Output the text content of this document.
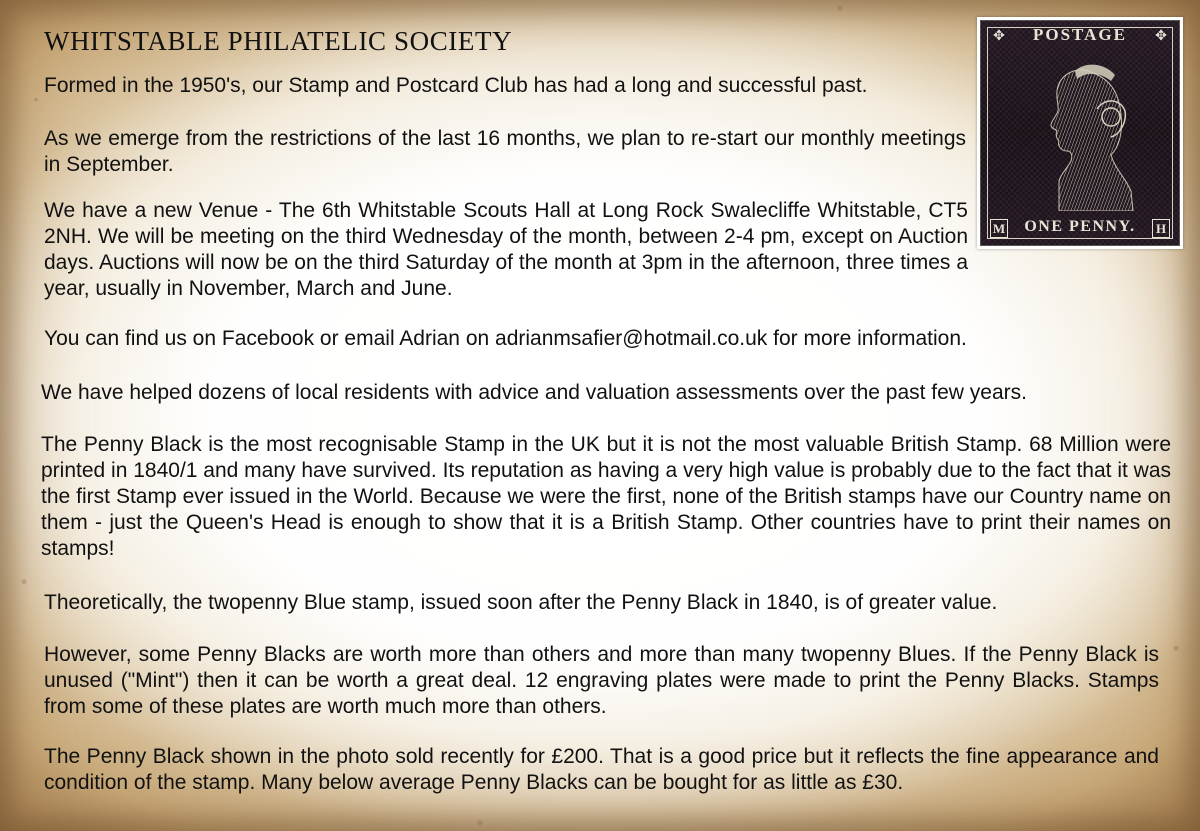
WHITSTABLE PHILATELIC SOCIETY

Formed in the 1950's, our Stamp and Postcard Club has had a long and successful past.

As we emerge from the restrictions of the last 16 months, we plan to re-start our monthly meetings in September.

We have a new Venue - The 6th Whitstable Scouts Hall at Long Rock Swalecliffe Whitstable, CT5 2NH. We will be meeting on the third Wednesday of the month, between 2-4 pm, except on Auction days. Auctions will now be on the third Saturday of the month at 3pm in the afternoon, three times a year, usually in November, March and June.

You can find us on Facebook or email Adrian on adrianmsafier@hotmail.co.uk for more information.

We have helped dozens of local residents with advice and valuation assessments over the past few years.

The Penny Black is the most recognisable Stamp in the UK but it is not the most valuable British Stamp. 68 Million were printed in 1840/1 and many have survived. Its reputation as having a very high value is probably due to the fact that it was the first Stamp ever issued in the World. Because we were the first, none of the British stamps have our Country name on them - just the Queen's Head is enough to show that it is a British Stamp. Other countries have to print their names on stamps!

Theoretically, the twopenny Blue stamp, issued soon after the Penny Black in 1840, is of greater value.

However, some Penny Blacks are worth more than others and more than many twopenny Blues. If the Penny Black is unused ("Mint") then it can be worth a great deal. 12 engraving plates were made to print the Penny Blacks. Stamps from some of these plates are worth much more than others.

The Penny Black shown in the photo sold recently for £200. That is a good price but it reflects the fine appearance and condition of the stamp. Many below average Penny Blacks can be bought for as little as £30.

✥	✥
POSTAGE
M	ONE PENNY.	H
